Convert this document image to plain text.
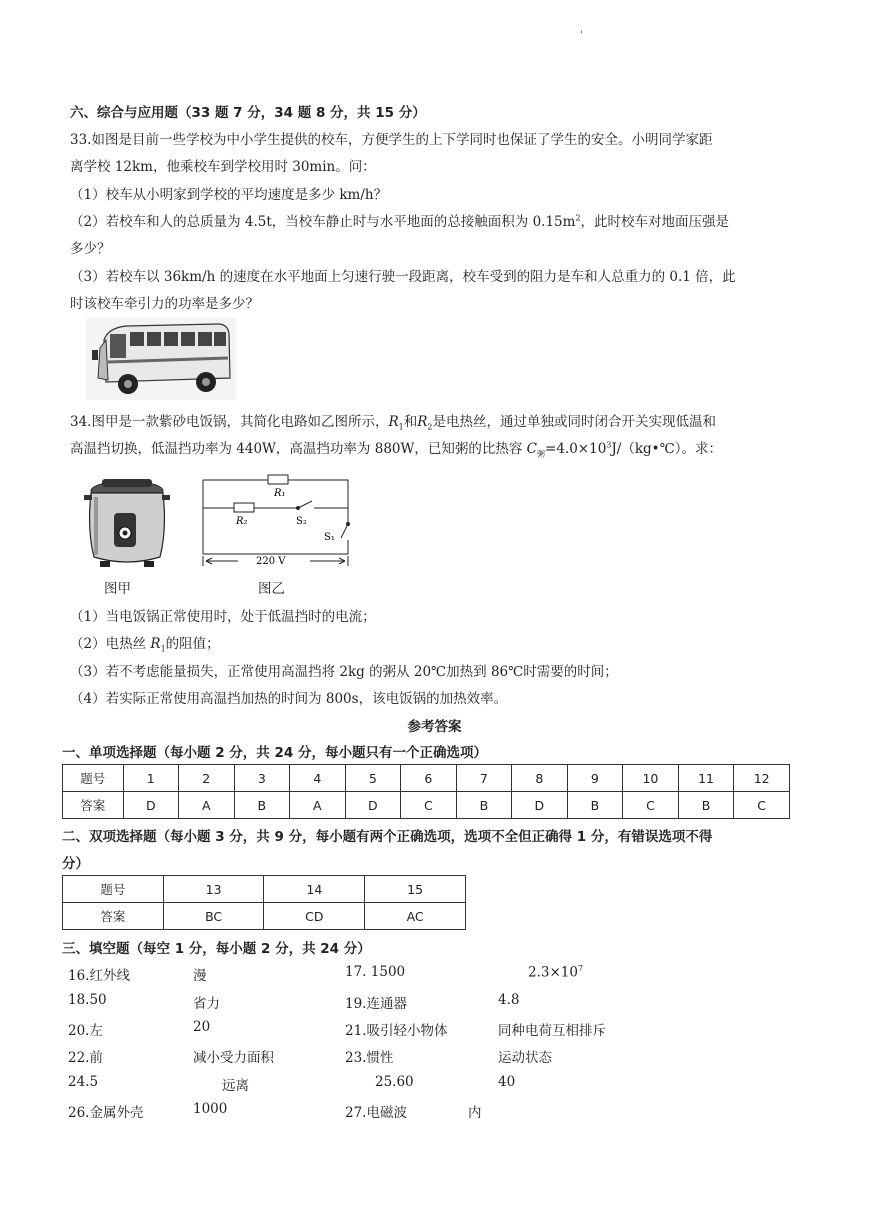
'
六、综合与应用题（33 题 7 分，34 题 8 分，共 15 分）
33.如图是目前一些学校为中小学生提供的校车，方便学生的上下学同时也保证了学生的安全。小明同学家距
离学校 12km，他乘校车到学校用时 30min。问：
（1）校车从小明家到学校的平均速度是多少 km/h？
（2）若校车和人的总质量为 4.5t，当校车静止时与水平地面的总接触面积为 $0.15m^2$，此时校车对地面压强是
多少？
（3）若校车以 36km/h 的速度在水平地面上匀速行驶一段距离，校车受到的阻力是车和人总重力的 0.1 倍，此
时该校车牵引力的功率是多少？
34.图甲是一款紫砂电饭锅，其简化电路如乙图所示，$R_1$和$R_2$是电热丝，通过单独或同时闭合开关实现低温和
高温挡切换，低温挡功率为 440W，高温挡功率为 880W，已知粥的比热容 $C_粥=4.0\times 10^3J/(kg•℃)$。求：
R₁
R₂	S₂
S₁
220 V
图甲	图乙
（1）当电饭锅正常使用时，处于低温挡时的电流；
（2）电热丝 $R_1$的阻值；
（3）若不考虑能量损失，正常使用高温挡将 2kg 的粥从 20℃加热到 86℃时需要的时间；
（4）若实际正常使用高温挡加热的时间为 800s，该电饭锅的加热效率。
参考答案
一、单项选择题（每小题 2 分，共 24 分，每小题只有一个正确选项）
题号	1	2	3	4	5	6	7	8	9	10	11	12
答案	D	A	B	A	D	C	B	D	B	C	B	C
二、双项选择题（每小题 3 分，共 9 分，每小题有两个正确选项，选项不全但正确得 1 分，有错误选项不得
分）
题号	13	14	15
答案	BC	CD	AC
三、填空题（每空 1 分，每小题 2 分，共 24 分）
16.红外线	漫	17. 1500	$2.3\times 10^7$
18.50	省力	19.连通器	4.8
20.左	20	21.吸引轻小物体	同种电荷互相排斥
22.前	减小受力面积	23.惯性	运动状态
24.5	远离	25.60	40
26.金属外壳	1000	27.电磁波	内
